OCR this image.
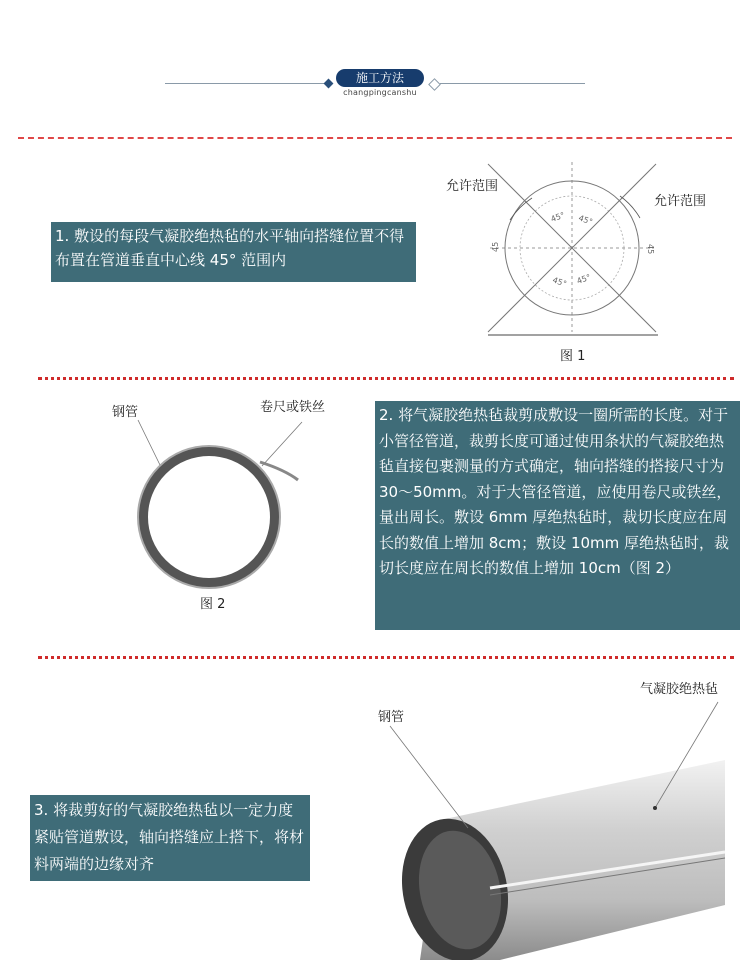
施工方法
changpingcanshu
1. 敷设的每段气凝胶绝热毡的水平轴向搭缝位置不得布置在管道垂直中心线 45° 范围内
45° 45°
45° 45°
45	45
允许范围
允许范围
图 1
钢管	卷尺或铁丝
图 2
2. 将气凝胶绝热毡裁剪成敷设一圈所需的长度。对于小管径管道，裁剪长度可通过使用条状的气凝胶绝热毡直接包裹测量的方式确定，轴向搭缝的搭接尺寸为 30～50mm。对于大管径管道，应使用卷尺或铁丝，量出周长。敷设 6mm 厚绝热毡时，裁切长度应在周长的数值上增加 8cm；敷设 10mm 厚绝热毡时，裁切长度应在周长的数值上增加 10cm（图 2）
3. 将裁剪好的气凝胶绝热毡以一定力度紧贴管道敷设，轴向搭缝应上搭下，将材料两端的边缘对齐
钢管
气凝胶绝热毡
